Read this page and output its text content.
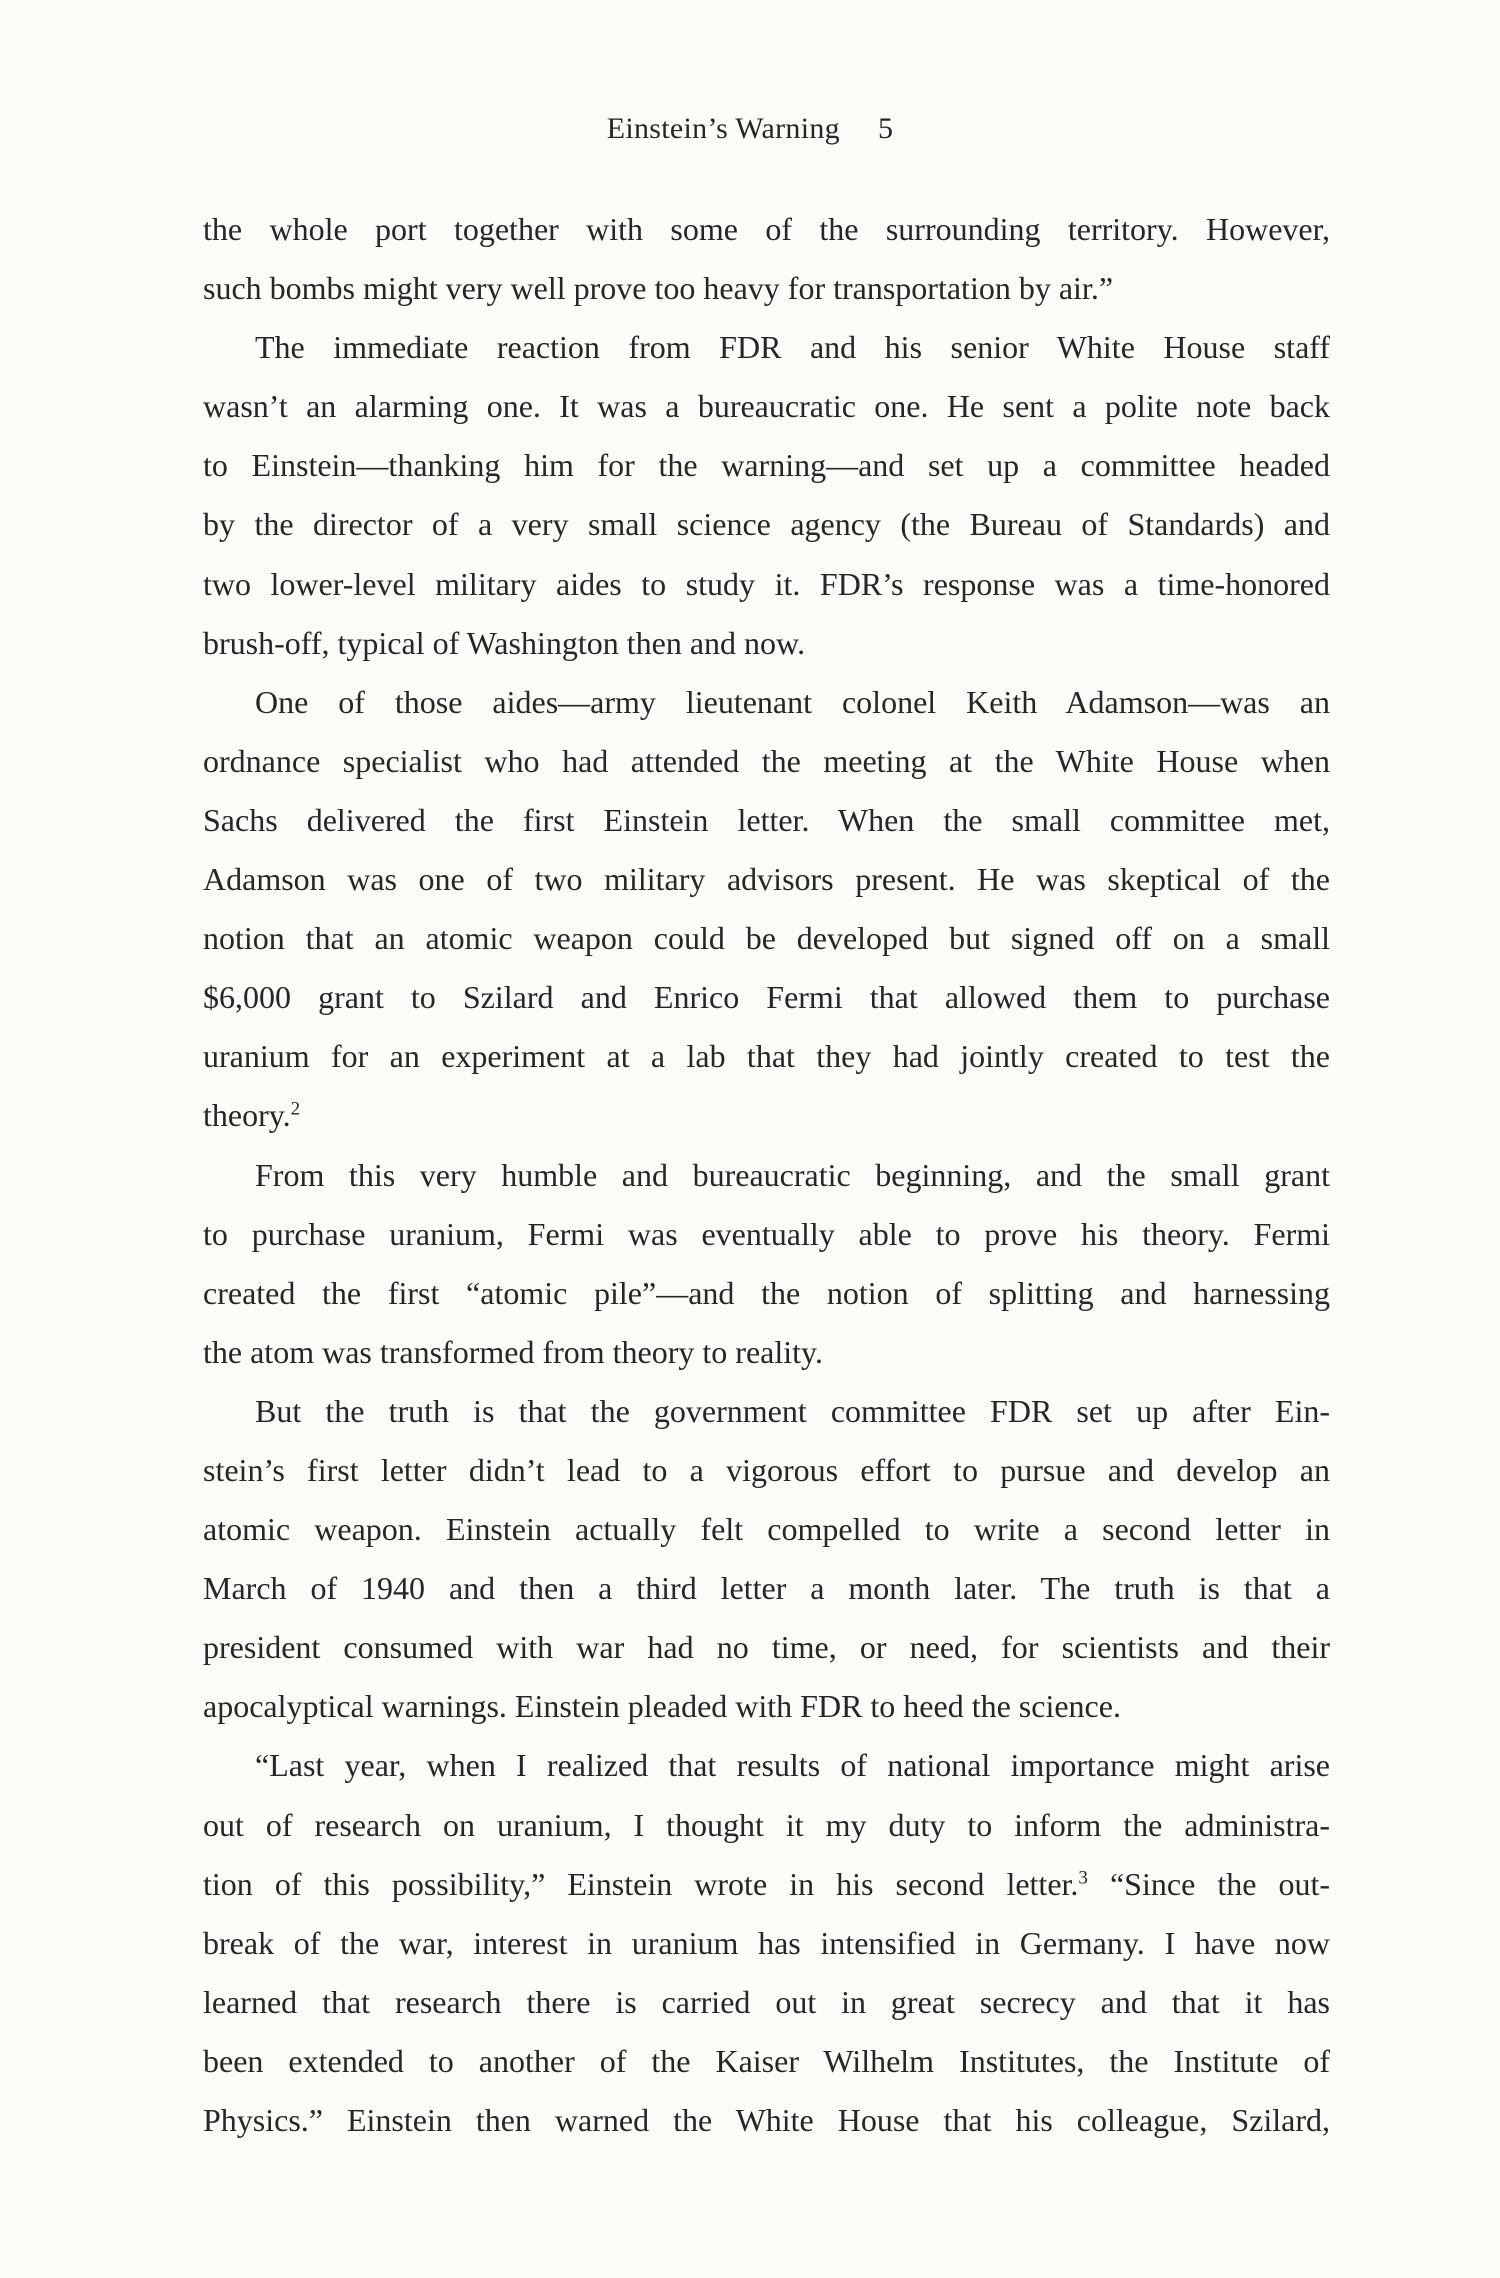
Einstein’s Warning 5
the whole port together with some of the surrounding territory. However,
such bombs might very well prove too heavy for transportation by air.”
The immediate reaction from FDR and his senior White House staff
wasn’t an alarming one. It was a bureaucratic one. He sent a polite note back
to Einstein—thanking him for the warning—and set up a committee headed
by the director of a very small science agency (the Bureau of Standards) and
two lower-level military aides to study it. FDR’s response was a time-honored
brush-off, typical of Washington then and now.
One of those aides—army lieutenant colonel Keith Adamson—was an
ordnance specialist who had attended the meeting at the White House when
Sachs delivered the first Einstein letter. When the small committee met,
Adamson was one of two military advisors present. He was skeptical of the
notion that an atomic weapon could be developed but signed off on a small
$6,000 grant to Szilard and Enrico Fermi that allowed them to purchase
uranium for an experiment at a lab that they had jointly created to test the
theory.$^2$
From this very humble and bureaucratic beginning, and the small grant
to purchase uranium, Fermi was eventually able to prove his theory. Fermi
created the first “atomic pile”—and the notion of splitting and harnessing
the atom was transformed from theory to reality.
But the truth is that the government committee FDR set up after Ein-
stein’s first letter didn’t lead to a vigorous effort to pursue and develop an
atomic weapon. Einstein actually felt compelled to write a second letter in
March of 1940 and then a third letter a month later. The truth is that a
president consumed with war had no time, or need, for scientists and their
apocalyptical warnings. Einstein pleaded with FDR to heed the science.
“Last year, when I realized that results of national importance might arise
out of research on uranium, I thought it my duty to inform the administra-
tion of this possibility,” Einstein wrote in his second letter.$^3$ “Since the out-
break of the war, interest in uranium has intensified in Germany. I have now
learned that research there is carried out in great secrecy and that it has
been extended to another of the Kaiser Wilhelm Institutes, the Institute of
Physics.” Einstein then warned the White House that his colleague, Szilard,
